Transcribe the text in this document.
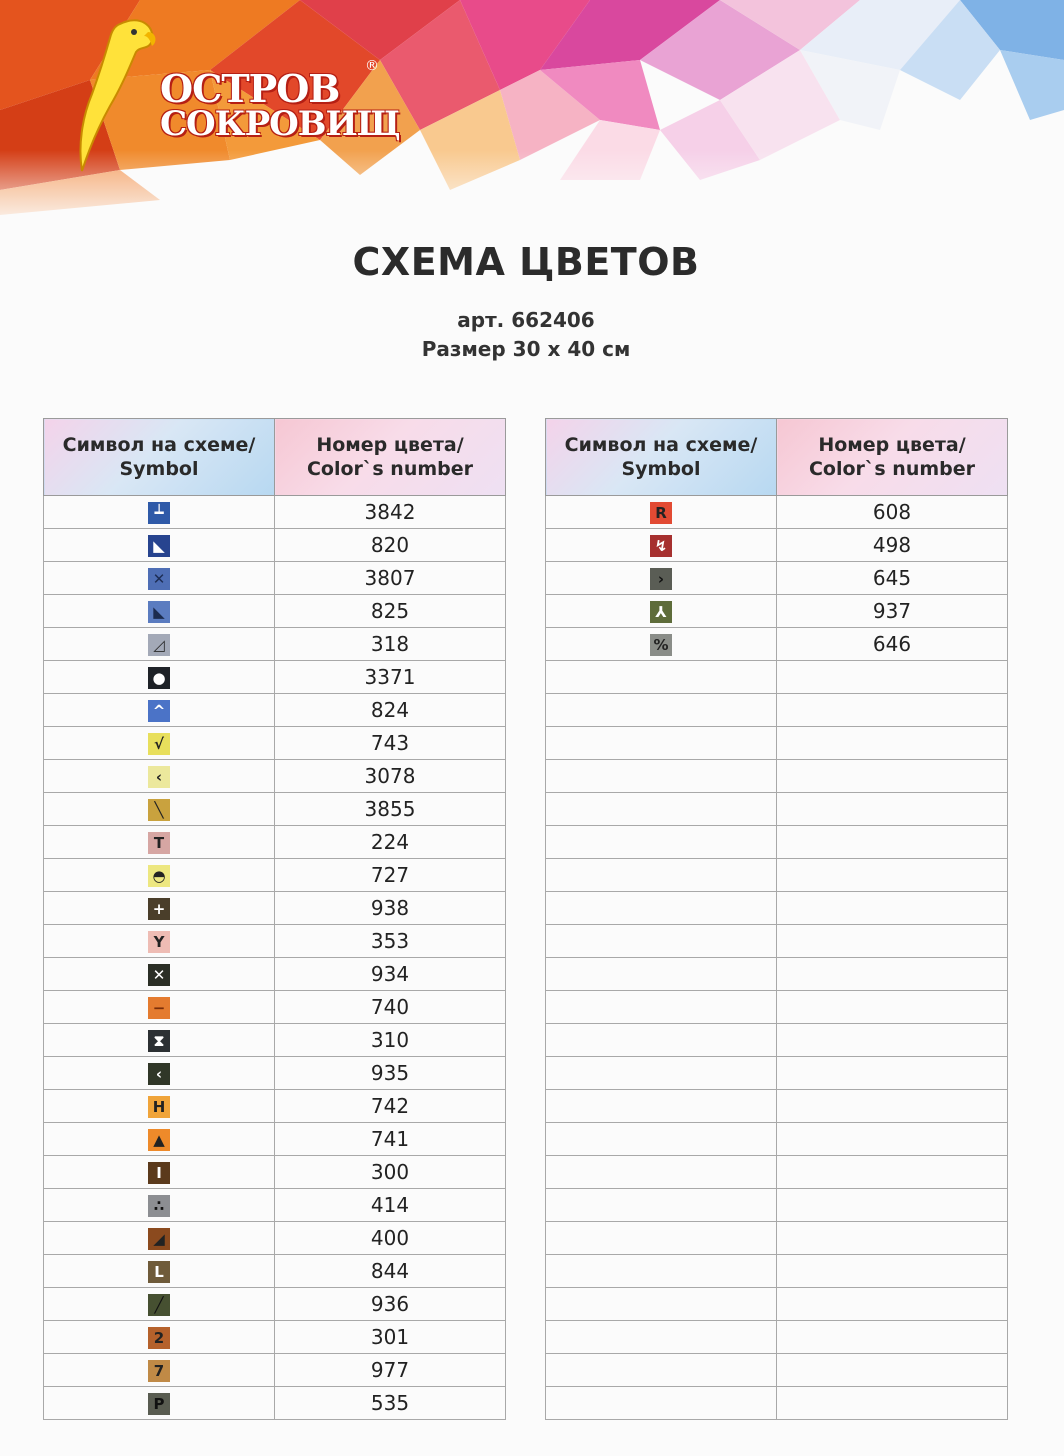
ОСТРОВ
СОКРОВИЩ
®
СХЕМА ЦВЕТОВ
арт. 662406
Размер 30 х 40 см
Символ на схеме/ Symbol	Номер цвета/ Color`s number
┷	3842
◣	820
✕	3807
◣	825
◿	318
●	3371
^	824
√	743
‹	3078
╲	3855
T	224
◓	727
+	938
Y	353
✕	934
−	740
⧗	310
‹	935
H	742
▲	741
I	300
∴	414
◢	400
L	844
╱	936
2	301
7	977
P	535
Символ на схеме/ Symbol	Номер цвета/ Color`s number
R	608
↯	498
›	645
⅄	937
%	646
